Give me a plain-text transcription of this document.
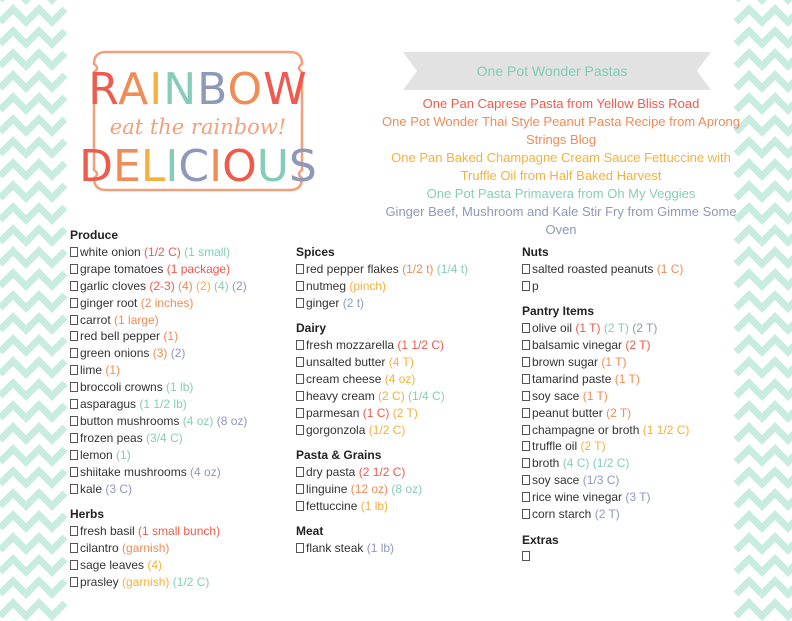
RAINBOW
eat the rainbow!
DELICIOUS
One Pot Wonder Pastas
One Pan Caprese Pasta from Yellow Bliss Road
One Pot Wonder Thai Style Peanut Pasta Recipe from Aprong Strings Blog
One Pan Baked Champagne Cream Sauce Fettuccine with Truffle Oil from Half Baked Harvest
One Pot Pasta Primavera from Oh My Veggies
Ginger Beef, Mushroom and Kale Stir Fry from Gimme Some Oven
Produce
white onion (1/2 C) (1 small)
grape tomatoes (1 package)
garlic cloves (2-3) (4) (2) (4) (2)
ginger root (2 inches)
carrot (1 large)
red bell pepper (1)
green onions (3) (2)
lime (1)
broccoli crowns (1 lb)
asparagus (1 1/2 lb)
button mushrooms (4 oz) (8 oz)
frozen peas (3/4 C)
lemon (1)
shiitake mushrooms (4 oz)
kale (3 C)
Herbs
fresh basil (1 small bunch)
cilantro (garnish)
sage leaves (4)
prasley (garnish) (1/2 C)
Spices
red pepper flakes (1/2 t) (1/4 t)
nutmeg (pinch)
ginger (2 t)
Dairy
fresh mozzarella (1 1/2 C)
unsalted butter (4 T)
cream cheese (4 oz)
heavy cream (2 C) (1/4 C)
parmesan (1 C) (2 T)
gorgonzola (1/2 C)
Pasta & Grains
dry pasta (2 1/2 C)
linguine (12 oz) (8 oz)
fettuccine (1 lb)
Meat
flank steak (1 lb)
Nuts
salted roasted peanuts (1 C)
p
Pantry Items
olive oil (1 T) (2 T) (2 T)
balsamic vinegar (2 T)
brown sugar (1 T)
tamarind paste (1 T)
soy sace (1 T)
peanut butter (2 T)
champagne or broth (1 1/2 C)
truffle oil (2 T)
broth (4 C) (1/2 C)
soy sace (1/3 C)
rice wine vinegar (3 T)
corn starch (2 T)
Extras
